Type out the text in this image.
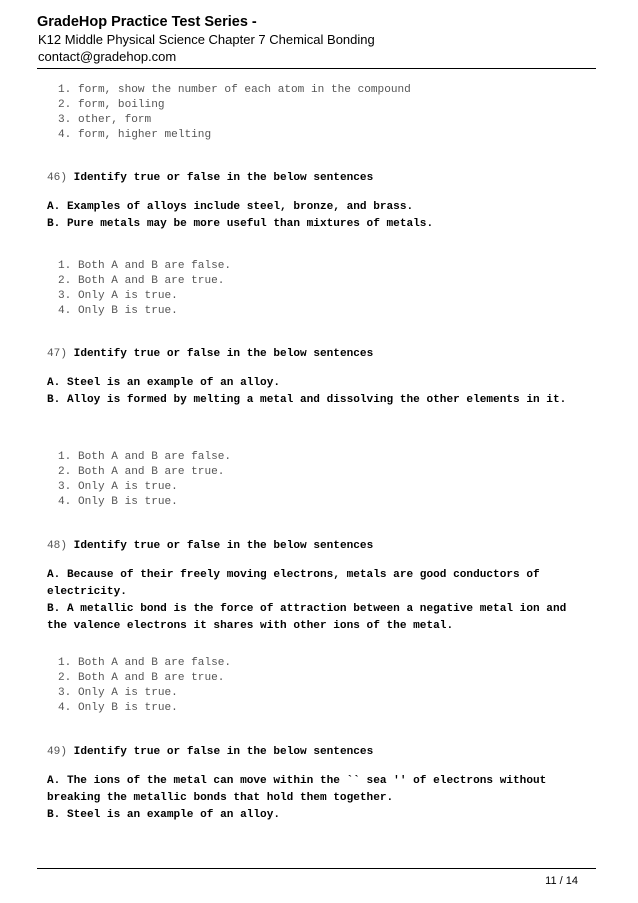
GradeHop Practice Test Series -
K12 Middle Physical Science Chapter 7 Chemical Bonding
contact@gradehop.com
1. form, show the number of each atom in the compound
2. form, boiling
3. other, form
4. form, higher melting
46) Identify true or false in the below sentences
A. Examples of alloys include steel, bronze, and brass.
B. Pure metals may be more useful than mixtures of metals.
1. Both A and B are false.
2. Both A and B are true.
3. Only A is true.
4. Only B is true.
47) Identify true or false in the below sentences
A. Steel is an example of an alloy.
B. Alloy is formed by melting a metal and dissolving the other elements in it.
1. Both A and B are false.
2. Both A and B are true.
3. Only A is true.
4. Only B is true.
48) Identify true or false in the below sentences
A. Because of their freely moving electrons, metals are good conductors of electricity.
B. A metallic bond is the force of attraction between a negative metal ion and the valence electrons it shares with other ions of the metal.
1. Both A and B are false.
2. Both A and B are true.
3. Only A is true.
4. Only B is true.
49) Identify true or false in the below sentences
A. The ions of the metal can move within the `` sea '' of electrons without breaking the metallic bonds that hold them together.
B. Steel is an example of an alloy.
11 / 14
